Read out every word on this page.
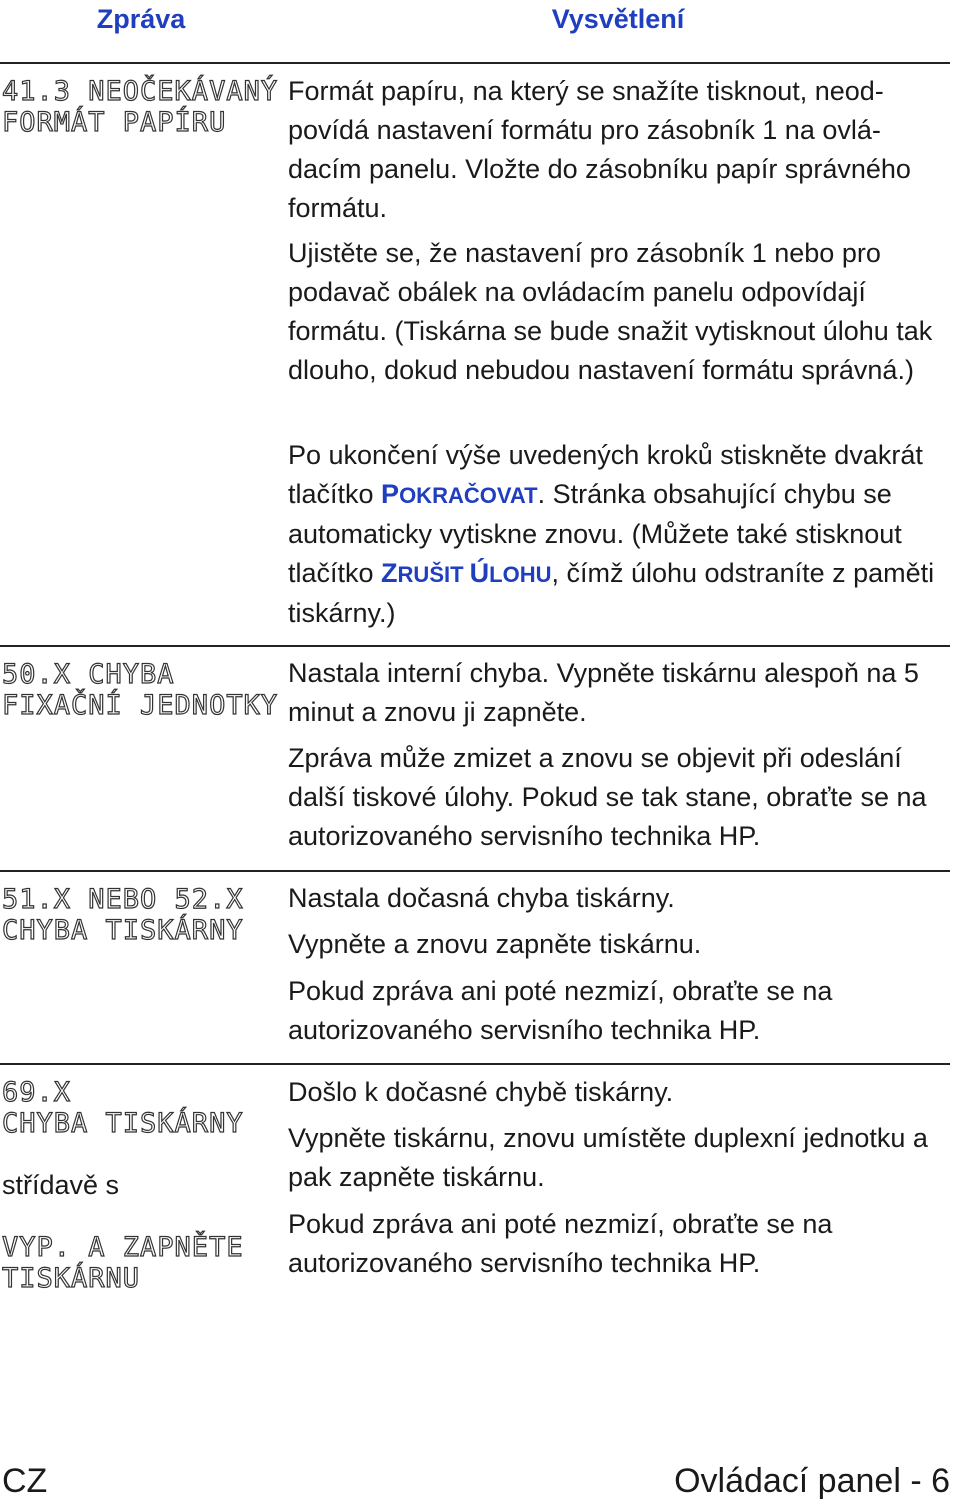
Zpráva	Vysvětlení
41.3 NEOČEKÁVANÝ
FORMÁT PAPÍRU
Formát papíru, na který se snažíte tisknout, neod-povídá nastavení formátu pro zásobník 1 na ovlá-dacím panelu. Vložte do zásobníku papír správného formátu.
Ujistěte se, že nastavení pro zásobník 1 nebo pro podavač obálek na ovládacím panelu odpovídají formátu. (Tiskárna se bude snažit vytisknout úlohu tak dlouho, dokud nebudou nastavení formátu správná.)
Po ukončení výše uvedených kroků stiskněte dvakrát tlačítko POKRAČOVAT. Stránka obsahující chybu se automaticky vytiskne znovu. (Můžete také stisknout tlačítko ZRUŠIT ÚLOHU, čímž úlohu odstraníte z paměti tiskárny.)
50.X CHYBA
FIXAČNÍ JEDNOTKY
Nastala interní chyba. Vypněte tiskárnu alespoň na 5 minut a znovu ji zapněte.
Zpráva může zmizet a znovu se objevit při odeslání další tiskové úlohy. Pokud se tak stane, obraťte se na autorizovaného servisního technika HP.
51.X NEBO 52.X
CHYBA TISKÁRNY
Nastala dočasná chyba tiskárny.
Vypněte a znovu zapněte tiskárnu.
Pokud zpráva ani poté nezmizí, obraťte se na autorizovaného servisního technika HP.
69.X
CHYBA TISKÁRNY
střídavě s
VYP. A ZAPNĚTE
TISKÁRNU
Došlo k dočasné chybě tiskárny.
Vypněte tiskárnu, znovu umístěte duplexní jednotku a pak zapněte tiskárnu.
Pokud zpráva ani poté nezmizí, obraťte se na autorizovaného servisního technika HP.
CZ	Ovládací panel - 6
